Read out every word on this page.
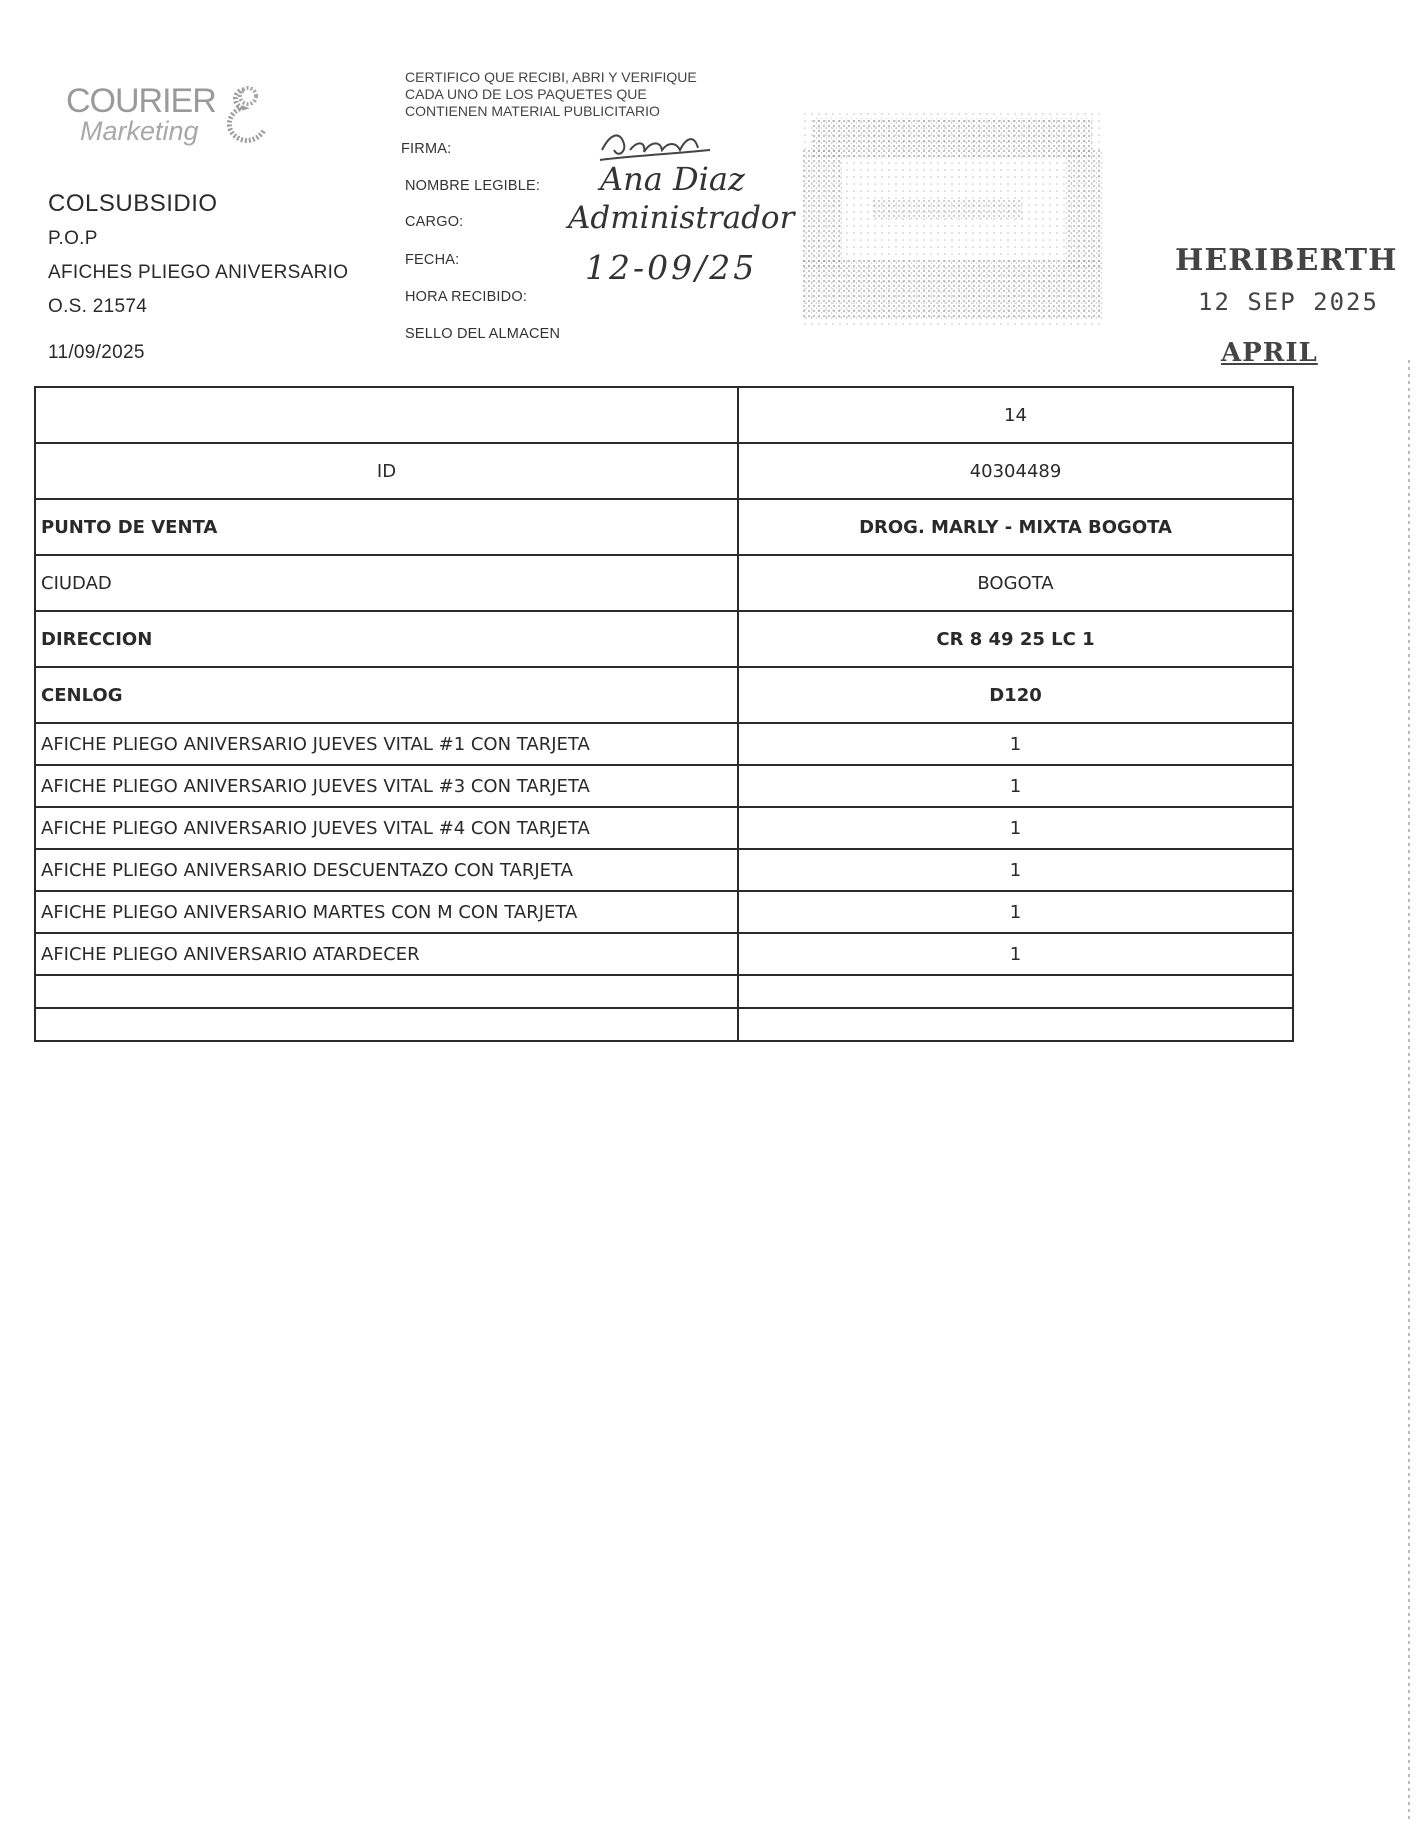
COURIER
Marketing
COLSUBSIDIO
P.O.P
AFICHES PLIEGO ANIVERSARIO
O.S. 21574
11/09/2025
CERTIFICO QUE RECIBI, ABRI Y VERIFIQUE
CADA UNO DE LOS PAQUETES QUE
CONTIENEN MATERIAL PUBLICITARIO
FIRMA:
NOMBRE LEGIBLE:
CARGO:
FECHA:
HORA RECIBIDO:
SELLO DEL ALMACEN
Ana Diaz
Administrador
12-09/25	HERIBERTH
12 SEP 2025
APRIL
	14
ID	40304489
PUNTO DE VENTA	DROG. MARLY - MIXTA BOGOTA
CIUDAD	BOGOTA
DIRECCION	CR 8 49 25 LC 1
CENLOG	D120
AFICHE PLIEGO ANIVERSARIO JUEVES VITAL #1 CON TARJETA	1
AFICHE PLIEGO ANIVERSARIO JUEVES VITAL #3 CON TARJETA	1
AFICHE PLIEGO ANIVERSARIO JUEVES VITAL #4 CON TARJETA	1
AFICHE PLIEGO ANIVERSARIO DESCUENTAZO CON TARJETA	1
AFICHE PLIEGO ANIVERSARIO MARTES CON M CON TARJETA	1
AFICHE PLIEGO ANIVERSARIO ATARDECER	1
